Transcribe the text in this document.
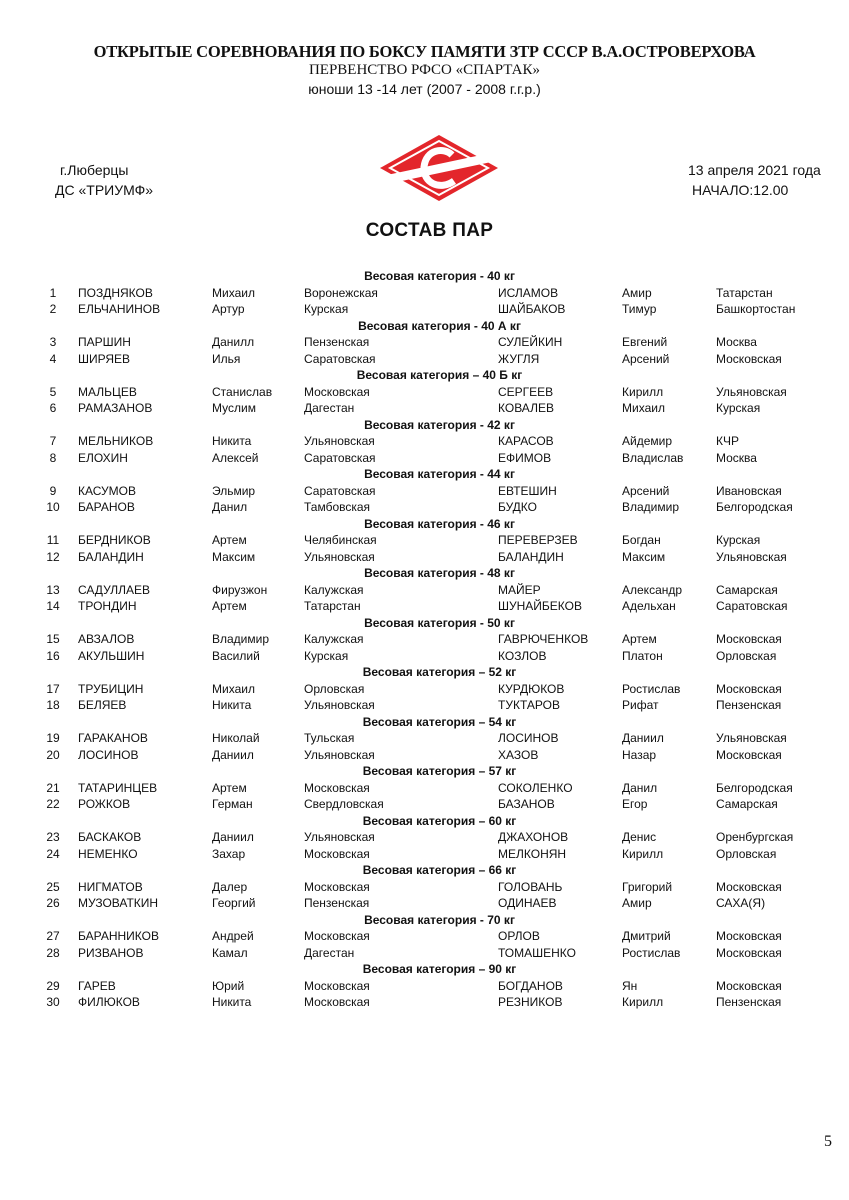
ОТКРЫТЫЕ СОРЕВНОВАНИЯ ПО БОКСУ ПАМЯТИ ЗТР СССР В.А.ОСТРОВЕРХОВА
ПЕРВЕНСТВО РФСО «СПАРТАК»
юноши 13 -14 лет (2007 - 2008 г.г.р.)
г.Люберцы
ДС «ТРИУМФ»
13 апреля 2021 года
НАЧАЛО:12.00
СОСТАВ ПАР
Весовая категория - 40 кг
1	ПОЗДНЯКОВ	Михаил	Воронежская	ИСЛАМОВ	Амир	Татарстан
2	ЕЛЬЧАНИНОВ	Артур	Курская	ШАЙБАКОВ	Тимур	Башкортостан
Весовая категория - 40 А кг
3	ПАРШИН	Данилл	Пензенская	СУЛЕЙКИН	Евгений	Москва
4	ШИРЯЕВ	Илья	Саратовская	ЖУГЛЯ	Арсений	Московская
Весовая категория – 40 Б кг
5	МАЛЬЦЕВ	Станислав	Московская	СЕРГЕЕВ	Кирилл	Ульяновская
6	РАМАЗАНОВ	Муслим	Дагестан	КОВАЛЕВ	Михаил	Курская
Весовая категория - 42 кг
7	МЕЛЬНИКОВ	Никита	Ульяновская	КАРАСОВ	Айдемир	КЧР
8	ЕЛОХИН	Алексей	Саратовская	ЕФИМОВ	Владислав	Москва
Весовая категория - 44 кг
9	КАСУМОВ	Эльмир	Саратовская	ЕВТЕШИН	Арсений	Ивановская
10 БАРАНОВ	Данил	Тамбовская	БУДКО	Владимир	Белгородская
Весовая категория - 46 кг
11 БЕРДНИКОВ	Артем	Челябинская	ПЕРЕВЕРЗЕВ	Богдан	Курская
12 БАЛАНДИН	Максим	Ульяновская	БАЛАНДИН	Максим	Ульяновская
Весовая категория - 48 кг
13 САДУЛЛАЕВ	Фирузжон	Калужская	МАЙЕР	Александр	Самарская
14 ТРОНДИН	Артем	Татарстан	ШУНАЙБЕКОВ	Адельхан	Саратовская
Весовая категория - 50 кг
15 АВЗАЛОВ	Владимир	Калужская	ГАВРЮЧЕНКОВ	Артем	Московская
16 АКУЛЬШИН	Василий	Курская	КОЗЛОВ	Платон	Орловская
Весовая категория – 52 кг
17 ТРУБИЦИН	Михаил	Орловская	КУРДЮКОВ	Ростислав	Московская
18 БЕЛЯЕВ	Никита	Ульяновская	ТУКТАРОВ	Рифат	Пензенская
Весовая категория – 54 кг
19 ГАРАКАНОВ	Николай	Тульская	ЛОСИНОВ	Даниил	Ульяновская
20 ЛОСИНОВ	Даниил	Ульяновская	ХАЗОВ	Назар	Московская
Весовая категория – 57 кг
21 ТАТАРИНЦЕВ	Артем	Московская	СОКОЛЕНКО	Данил	Белгородская
22 РОЖКОВ	Герман	Свердловская	БАЗАНОВ	Егор	Самарская
Весовая категория – 60 кг
23 БАСКАКОВ	Даниил	Ульяновская	ДЖАХОНОВ	Денис	Оренбургская
24 НЕМЕНКО	Захар	Московская	МЕЛКОНЯН	Кирилл	Орловская
Весовая категория – 66 кг
25 НИГМАТОВ	Далер	Московская	ГОЛОВАНЬ	Григорий	Московская
26 МУЗОВАТКИН	Георгий	Пензенская	ОДИНАЕВ	Амир	САХА(Я)
Весовая категория - 70 кг
27 БАРАННИКОВ	Андрей	Московская	ОРЛОВ	Дмитрий	Московская
28 РИЗВАНОВ	Камал	Дагестан	ТОМАШЕНКО	Ростислав	Московская
Весовая категория – 90 кг
29 ГАРЕВ	Юрий	Московская	БОГДАНОВ	Ян	Московская
30 ФИЛЮКОВ	Никита	Московская	РЕЗНИКОВ	Кирилл	Пензенская
5
